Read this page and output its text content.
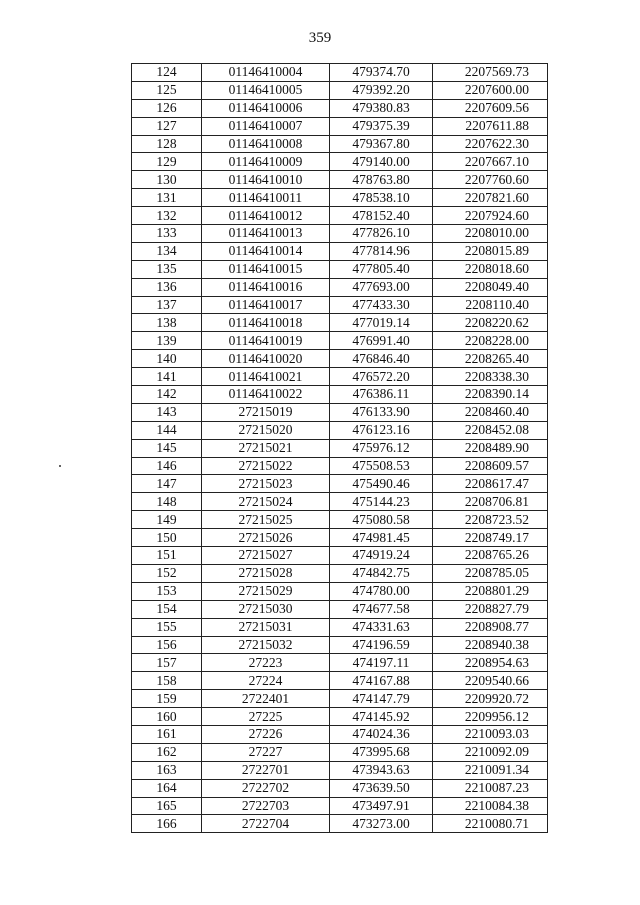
359
124	01146410004	479374.70	2207569.73
125	01146410005	479392.20	2207600.00
126	01146410006	479380.83	2207609.56
127	01146410007	479375.39	2207611.88
128	01146410008	479367.80	2207622.30
129	01146410009	479140.00	2207667.10
130	01146410010	478763.80	2207760.60
131	01146410011	478538.10	2207821.60
132	01146410012	478152.40	2207924.60
133	01146410013	477826.10	2208010.00
134	01146410014	477814.96	2208015.89
135	01146410015	477805.40	2208018.60
136	01146410016	477693.00	2208049.40
137	01146410017	477433.30	2208110.40
138	01146410018	477019.14	2208220.62
139	01146410019	476991.40	2208228.00
140	01146410020	476846.40	2208265.40
141	01146410021	476572.20	2208338.30
142	01146410022	476386.11	2208390.14
143	27215019	476133.90	2208460.40
144	27215020	476123.16	2208452.08
145	27215021	475976.12	2208489.90
146	27215022	475508.53	2208609.57
147	27215023	475490.46	2208617.47
148	27215024	475144.23	2208706.81
149	27215025	475080.58	2208723.52
150	27215026	474981.45	2208749.17
151	27215027	474919.24	2208765.26
152	27215028	474842.75	2208785.05
153	27215029	474780.00	2208801.29
154	27215030	474677.58	2208827.79
155	27215031	474331.63	2208908.77
156	27215032	474196.59	2208940.38
157	27223	474197.11	2208954.63
158	27224	474167.88	2209540.66
159	2722401	474147.79	2209920.72
160	27225	474145.92	2209956.12
161	27226	474024.36	2210093.03
162	27227	473995.68	2210092.09
163	2722701	473943.63	2210091.34
164	2722702	473639.50	2210087.23
165	2722703	473497.91	2210084.38
166	2722704	473273.00	2210080.71
